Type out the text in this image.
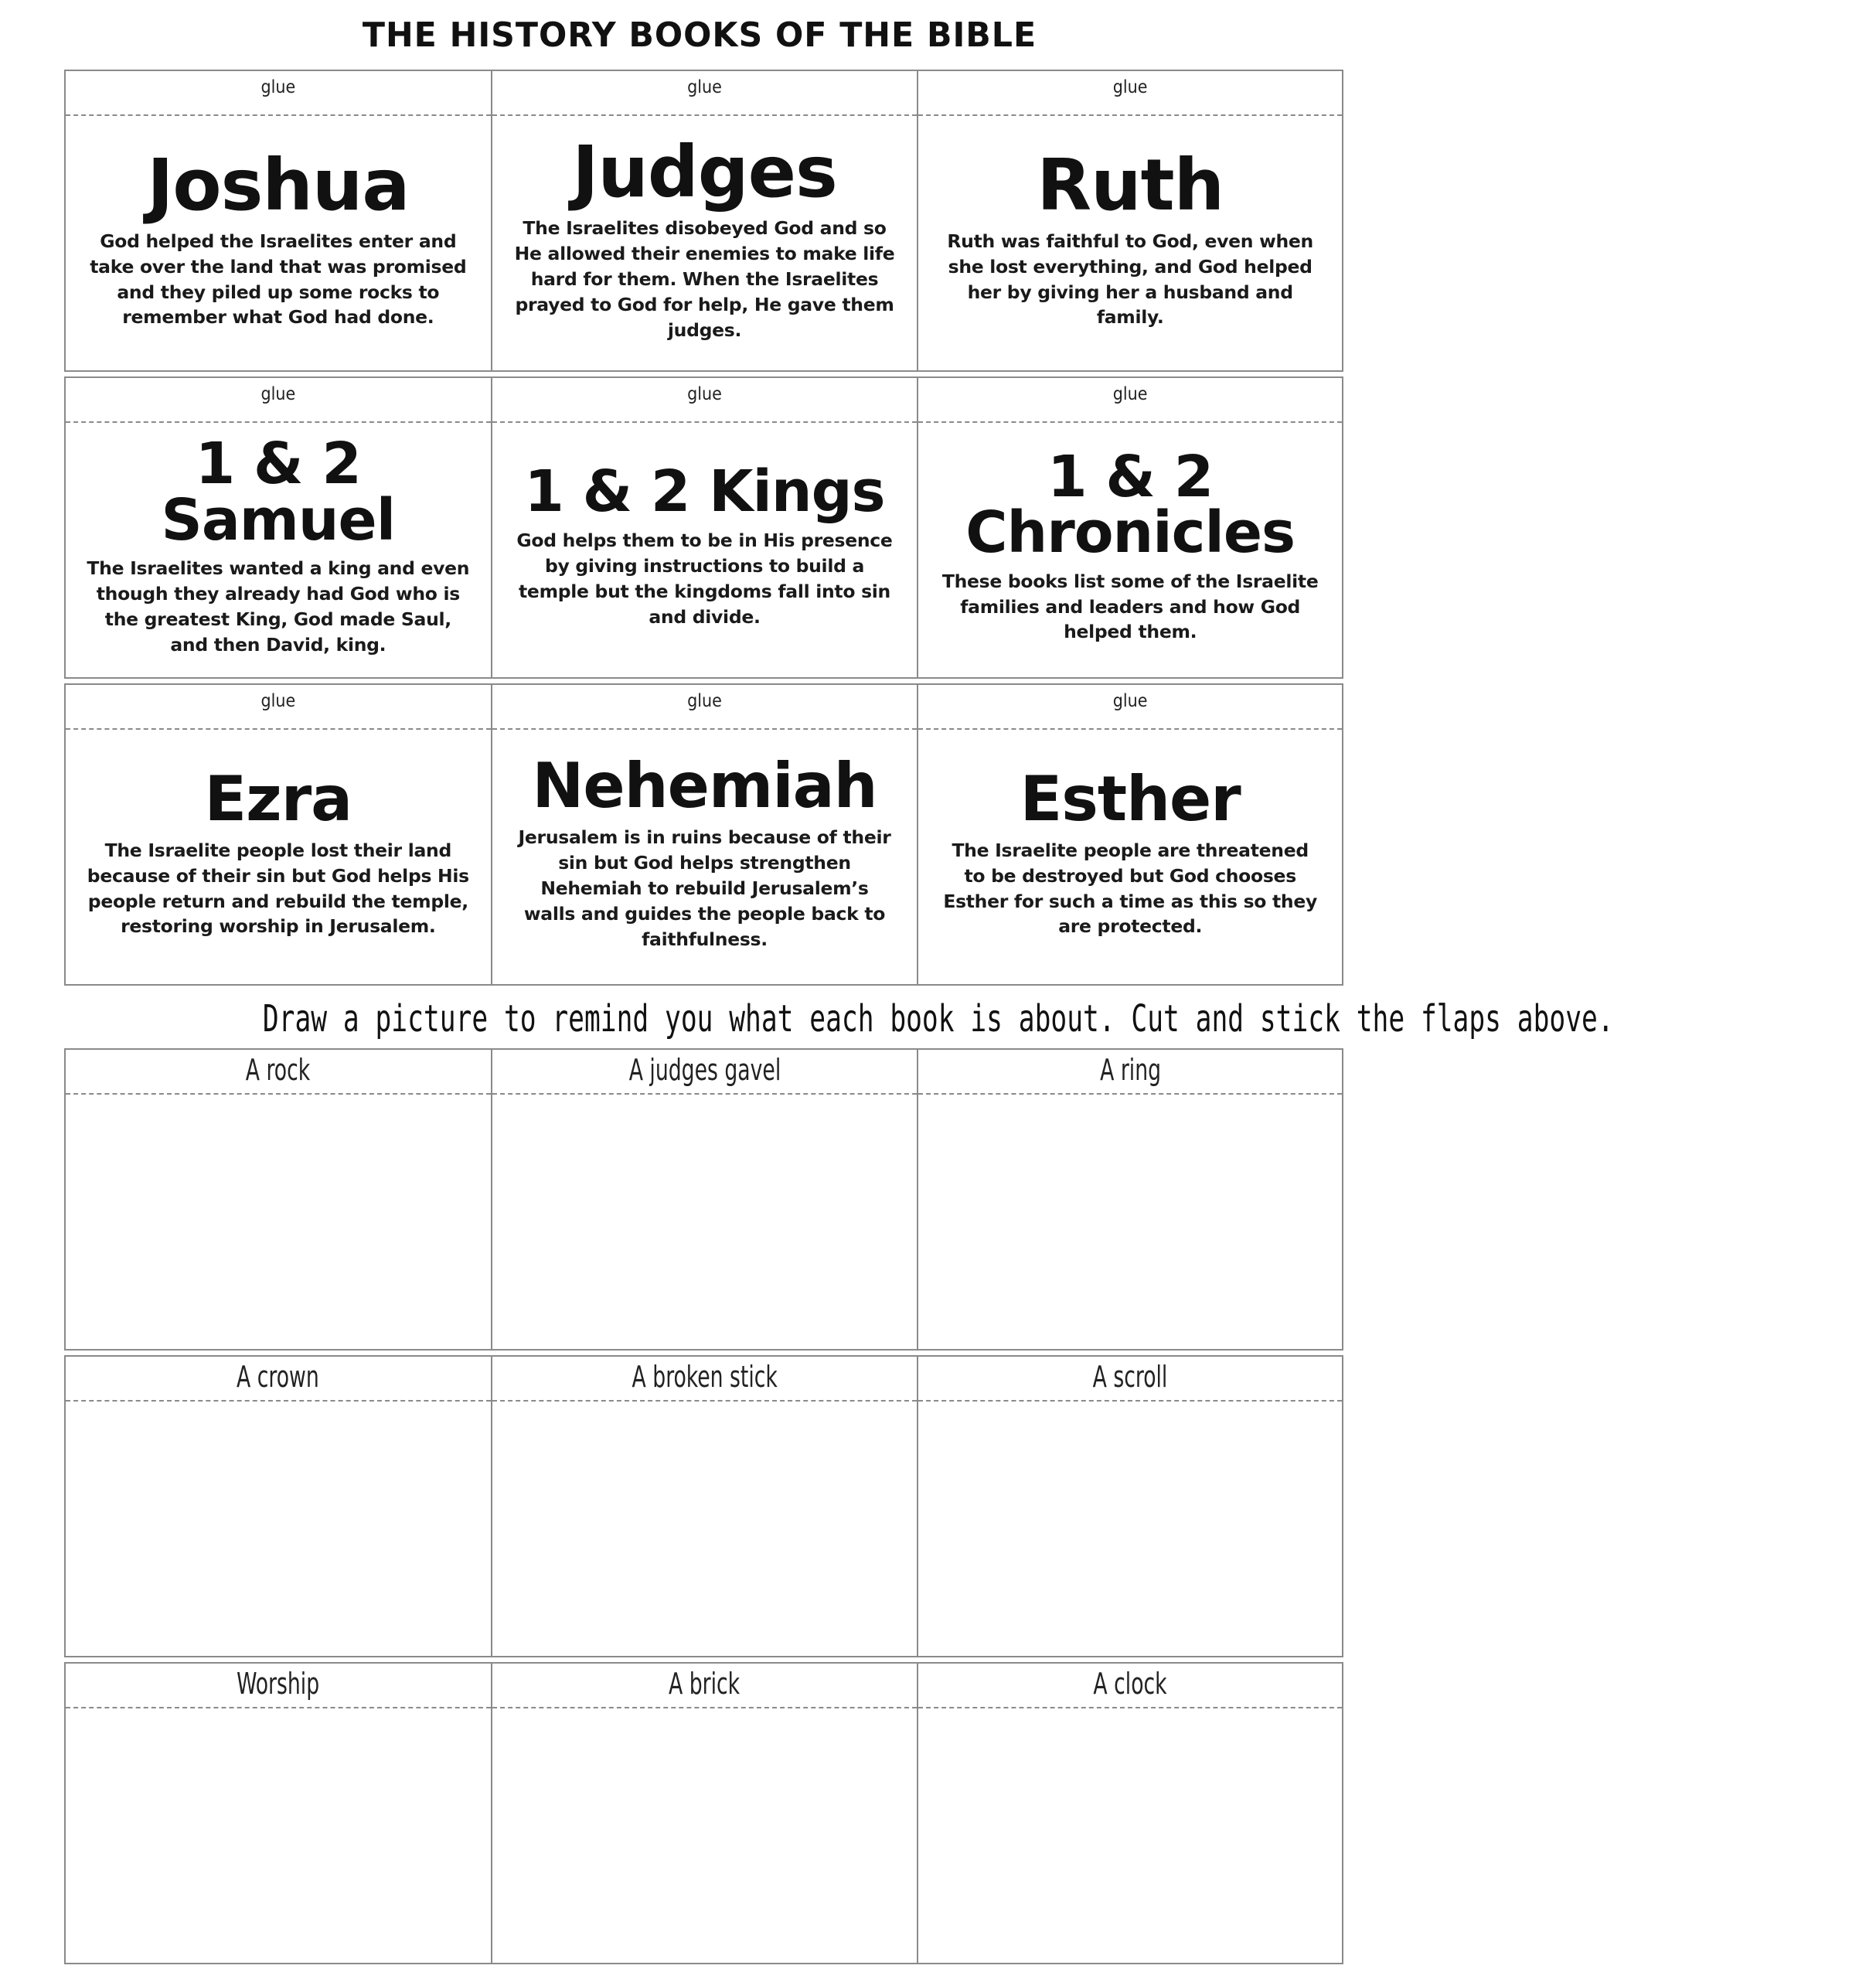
THE HISTORY BOOKS OF THE BIBLE
glue
Joshua
God helped the Israelites enter and take over the land that was promised and they piled up some rocks to remember what God had done.
glue
Judges
The Israelites disobeyed God and so He allowed their enemies to make life hard for them. When the Israelites prayed to God for help, He gave them judges.
glue
Ruth
Ruth was faithful to God, even when she lost everything, and God helped her by giving her a husband and family.
glue
1 & 2 Samuel
The Israelites wanted a king and even though they already had God who is the greatest King, God made Saul, and then David, king.
glue
1 & 2 Kings
God helps them to be in His presence by giving instructions to build a temple but the kingdoms fall into sin and divide.
glue
1 & 2
Chronicles
These books list some of the Israelite families and leaders and how God helped them.
glue
Ezra
The Israelite people lost their land because of their sin but God helps His people return and rebuild the temple, restoring worship in Jerusalem.
glue
Nehemiah
Jerusalem is in ruins because of their sin but God helps strengthen Nehemiah to rebuild Jerusalem’s walls and guides the people back to faithfulness.
glue
Esther
The Israelite people are threatened to be destroyed but God chooses Esther for such a time as this so they are protected.
Draw a picture to remind you what each book is about. Cut and stick the flaps above.
A rock	A judges gavel	A ring
A crown	A broken stick	A scroll
Worship	A brick	A clock
